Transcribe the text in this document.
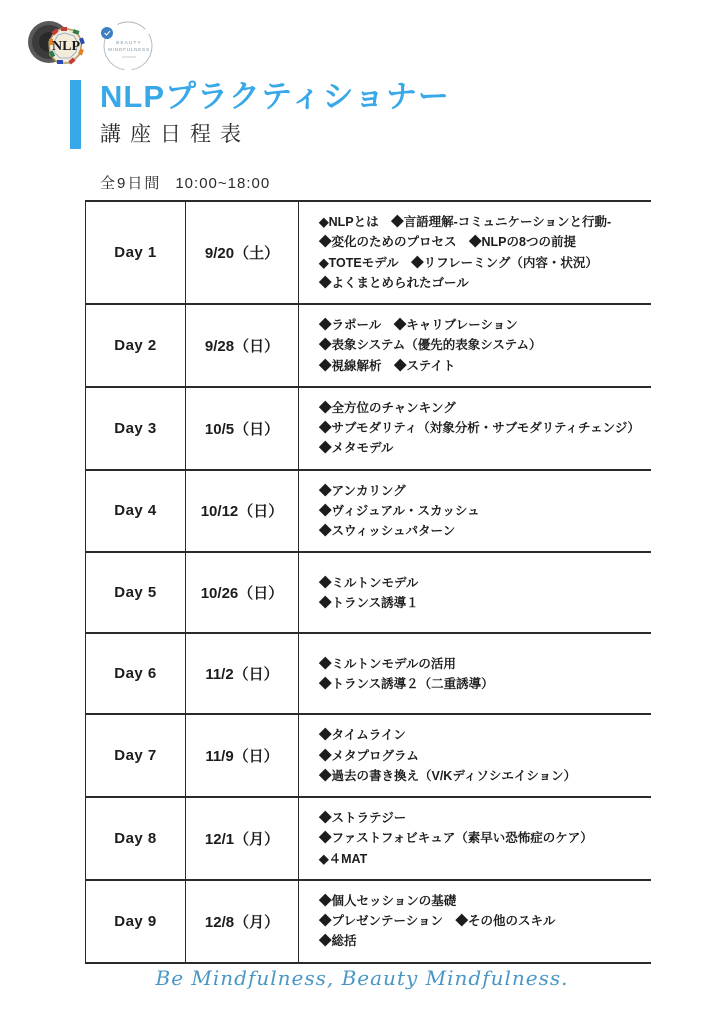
NLP	BEAUTY
MINDFULNESS
NLPプラクティショナー
講座日程表
全9日間 10:00~18:00
Day 1	9/20（土）	◆NLPとは　◆言語理解-コミュニケーションと行動-
◆変化のためのプロセス　◆NLPの8つの前提
◆TOTEモデル　◆リフレーミング（内容・状況）
◆よくまとめられたゴール

Day 2	9/28（日）	◆ラポール　◆キャリブレーション
◆表象システム（優先的表象システム）
◆視線解析　◆ステイト

Day 3	10/5（日）	◆全方位のチャンキング
◆サブモダリティ（対象分析・サブモダリティチェンジ）
◆メタモデル

Day 4	10/12（日）	◆アンカリング
◆ヴィジュアル・スカッシュ
◆スウィッシュパターン

Day 5	10/26（日）	◆ミルトンモデル
◆トランス誘導１

Day 6	11/2（日）	◆ミルトンモデルの活用
◆トランス誘導２（二重誘導）

Day 7	11/9（日）	◆タイムライン
◆メタプログラム
◆過去の書き換え（V/Kディソシエイション）

Day 8	12/1（月）	◆ストラテジー
◆ファストフォビキュア（素早い恐怖症のケア）
◆４MAT

Day 9	12/8（月）	◆個人セッションの基礎
◆プレゼンテーション　◆その他のスキル
◆総括
Be Mindfulness, Beauty Mindfulness.
